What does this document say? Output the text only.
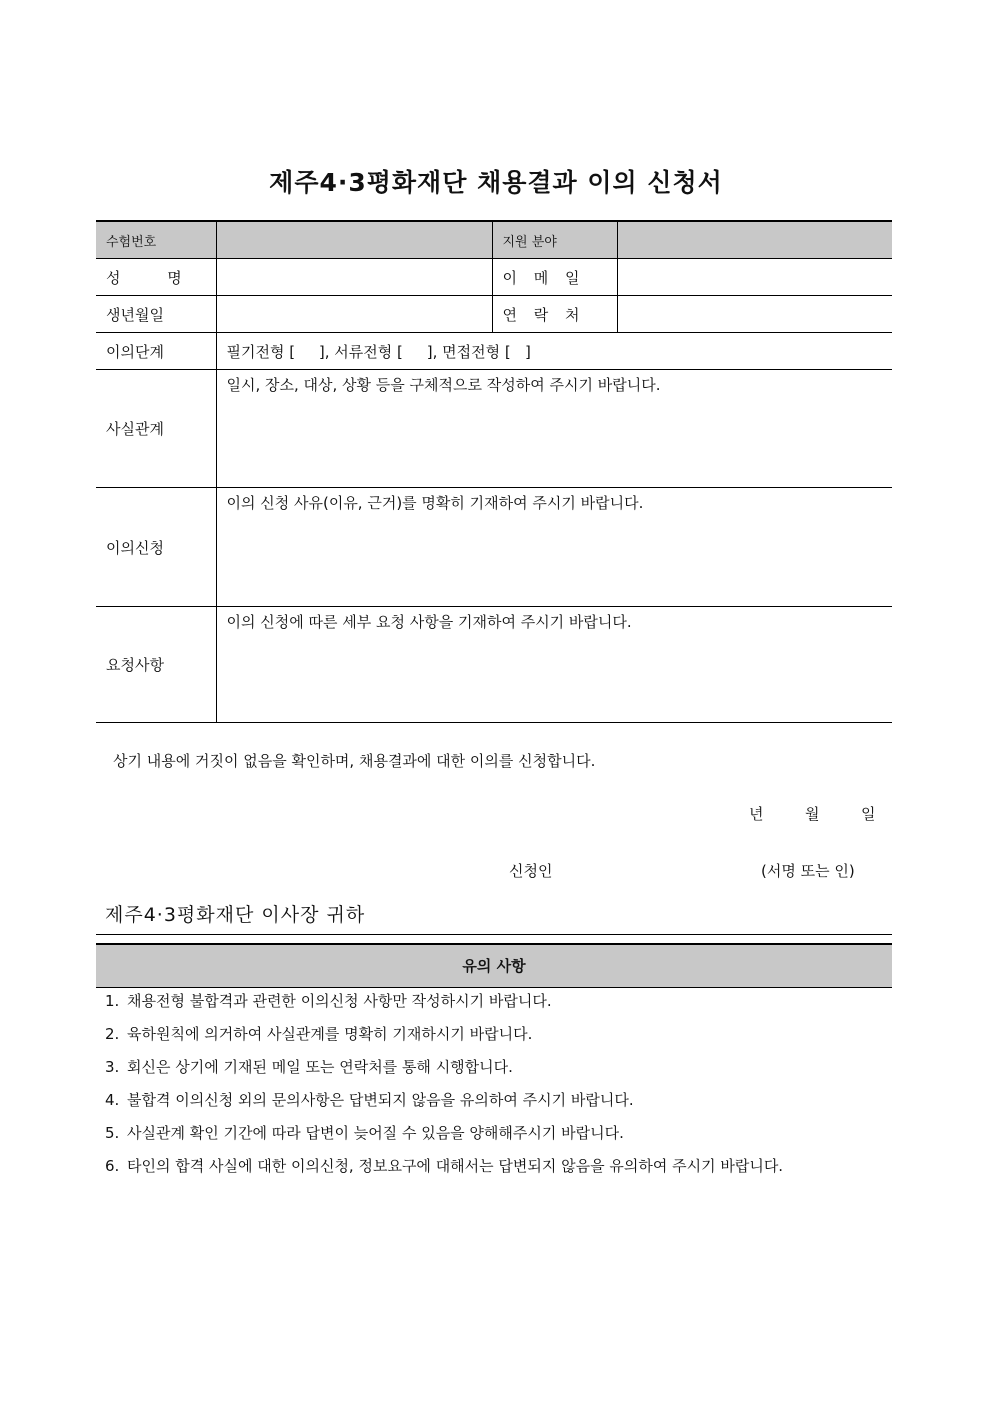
제주4·3평화재단 채용결과 이의 신청서
수험번호		지원 분야	
성 명		이 메 일	
생년월일		연 락 처	
이의단계	필기전형 [     ], 서류전형 [     ], 면접전형 [   ]		
사실관계	일시, 장소, 대상, 상황 등을 구체적으로 작성하여 주시기 바랍니다.		
이의신청	이의 신청 사유(이유, 근거)를 명확히 기재하여 주시기 바랍니다.		
요청사항	이의 신청에 따른 세부 요청 사항을 기재하여 주시기 바랍니다.		
상기 내용에 거짓이 없음을 확인하며, 채용결과에 대한 이의를 신청합니다.
년	월	일
신청인	(서명 또는 인)
제주4·3평화재단 이사장 귀하
유의 사항

1. 채용전형 불합격과 관련한 이의신청 사항만 작성하시기 바랍니다.

2. 육하원칙에 의거하여 사실관계를 명확히 기재하시기 바랍니다.

3. 회신은 상기에 기재된 메일 또는 연락처를 통해 시행합니다.

4. 불합격 이의신청 외의 문의사항은 답변되지 않음을 유의하여 주시기 바랍니다.

5. 사실관계 확인 기간에 따라 답변이 늦어질 수 있음을 양해해주시기 바랍니다.

6. 타인의 합격 사실에 대한 이의신청, 정보요구에 대해서는 답변되지 않음을 유의하여 주시기 바랍니다.
